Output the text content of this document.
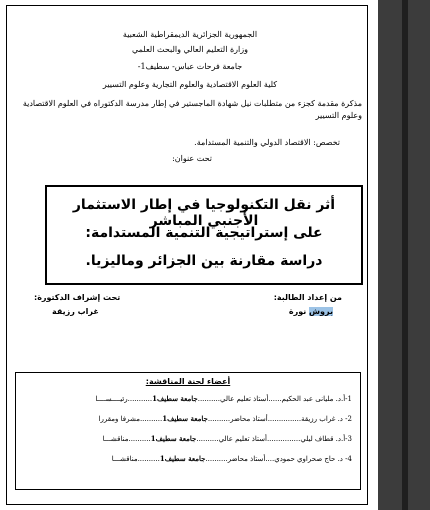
الجمهورية الجزائرية الديمقراطية الشعبية
وزارة التعليم العالي والبحث العلمي
جامعة فرحات عباس- سطيف1-
كلية العلوم الاقتصادية والعلوم التجارية وعلوم التسيير
مذكرة مقدمة كجزء من متطلبات نيل شهادة الماجستير في إطار مدرسة الدكتوراه في العلوم الاقتصادية وعلوم التسيير
تخصص: الاقتصاد الدولي والتنمية المستدامة.
تحت عنوان:
أثر نقل التكنولوجيا في إطار الاستثمار الأجنبي المباشر
على إستراتيجية التنمية المستدامة:
دراسة مقارنة بين الجزائر وماليزيا.
من إعداد الطالبة:
بروش نورة
تحت إشراف الدكتورة:
غراب رزيقة
أعضاء لجنة المناقشة:
1-أ.د. مليانى عبد الحكيم......أستاذ تعليم عالي..........جامعة سطيف1...........رئيــــســــا
2- د. غراب رزيقة...............أستاذ محاضر..........جامعة سطيف1..........مشرفا ومقررا
3-أ.د. قطاف ليلي...............أستاذ تعليم عالي..........جامعة سطيف1..........مناقشـــا
4- د. حاج صحراوي حمودي....أستاذ محاضر..........جامعة سطيف1..........مناقشـــا
